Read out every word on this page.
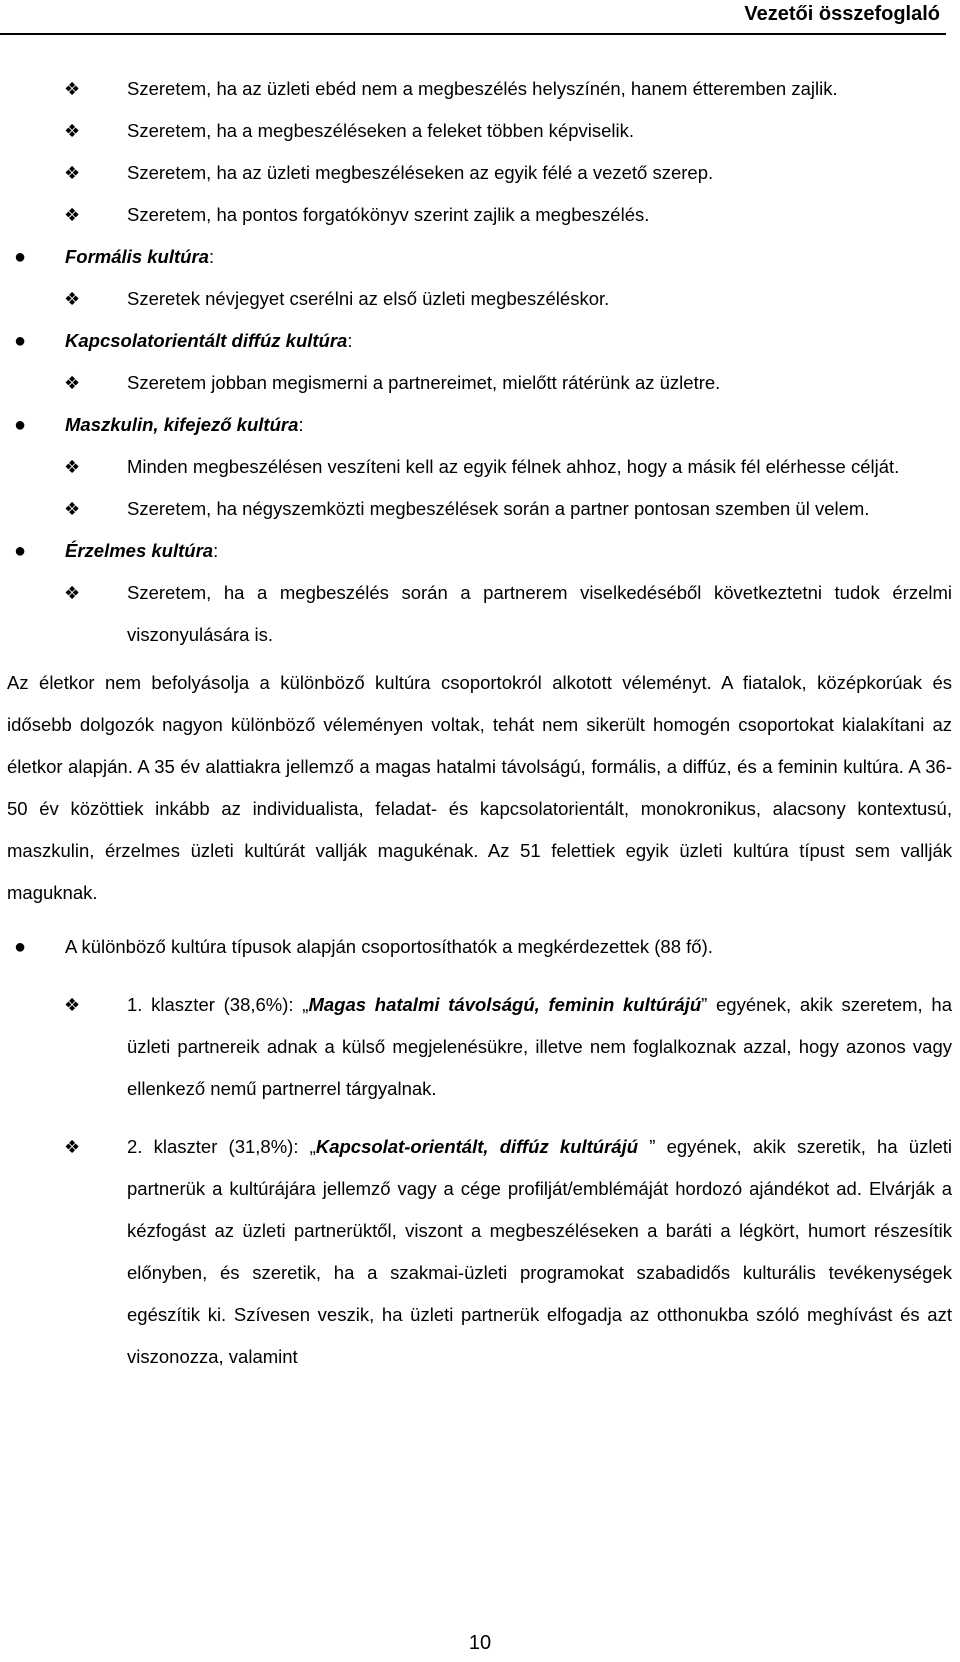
Vezetői összefoglaló
❖	Szeretem, ha az üzleti ebéd nem a megbeszélés helyszínén, hanem étteremben zajlik.
❖	Szeretem, ha a megbeszéléseken a feleket többen képviselik.
❖	Szeretem, ha az üzleti megbeszéléseken az egyik félé a vezető szerep.
❖	Szeretem, ha pontos forgatókönyv szerint zajlik a megbeszélés.
● Formális kultúra:
❖	Szeretek névjegyet cserélni az első üzleti megbeszéléskor.
● Kapcsolatorientált diffúz kultúra:
❖	Szeretem jobban megismerni a partnereimet, mielőtt rátérünk az üzletre.
● Maszkulin, kifejező kultúra:
❖	Minden megbeszélésen veszíteni kell az egyik félnek ahhoz, hogy a másik fél elérhesse célját.
❖	Szeretem, ha négyszemközti megbeszélések során a partner pontosan szemben ül velem.
● Érzelmes kultúra:
❖	Szeretem, ha a megbeszélés során a partnerem viselkedéséből következtetni tudok érzelmi viszonyulására is.
Az életkor nem befolyásolja a különböző kultúra csoportokról alkotott véleményt. A fiatalok, középkorúak és idősebb dolgozók nagyon különböző véleményen voltak, tehát nem sikerült homogén csoportokat kialakítani az életkor alapján. A 35 év alattiakra jellemző a magas hatalmi távolságú, formális, a diffúz, és a feminin kultúra. A 36-50 év közöttiek inkább az individualista, feladat- és kapcsolatorientált, monokronikus, alacsony kontextusú, maszkulin, érzelmes üzleti kultúrát vallják magukénak. Az 51 felettiek egyik üzleti kultúra típust sem vallják maguknak.
● A különböző kultúra típusok alapján csoportosíthatók a megkérdezettek (88 fő).
❖	1. klaszter (38,6%): „Magas hatalmi távolságú, feminin kultúrájú” egyének, akik szeretem, ha üzleti partnereik adnak a külső megjelenésükre, illetve nem foglalkoznak azzal, hogy azonos vagy ellenkező nemű partnerrel tárgyalnak.
❖	2. klaszter (31,8%): „Kapcsolat-orientált, diffúz kultúrájú ” egyének, akik szeretik, ha üzleti partnerük a kultúrájára jellemző vagy a cége profilját/emblémáját hordozó ajándékot ad. Elvárják a kézfogást az üzleti partnerüktől, viszont a megbeszéléseken a baráti a légkört, humort részesítik előnyben, és szeretik, ha a szakmai-üzleti programokat szabadidős kulturális tevékenységek egészítik ki. Szívesen veszik, ha üzleti partnerük elfogadja az otthonukba szóló meghívást és azt viszonozza, valamint
10
